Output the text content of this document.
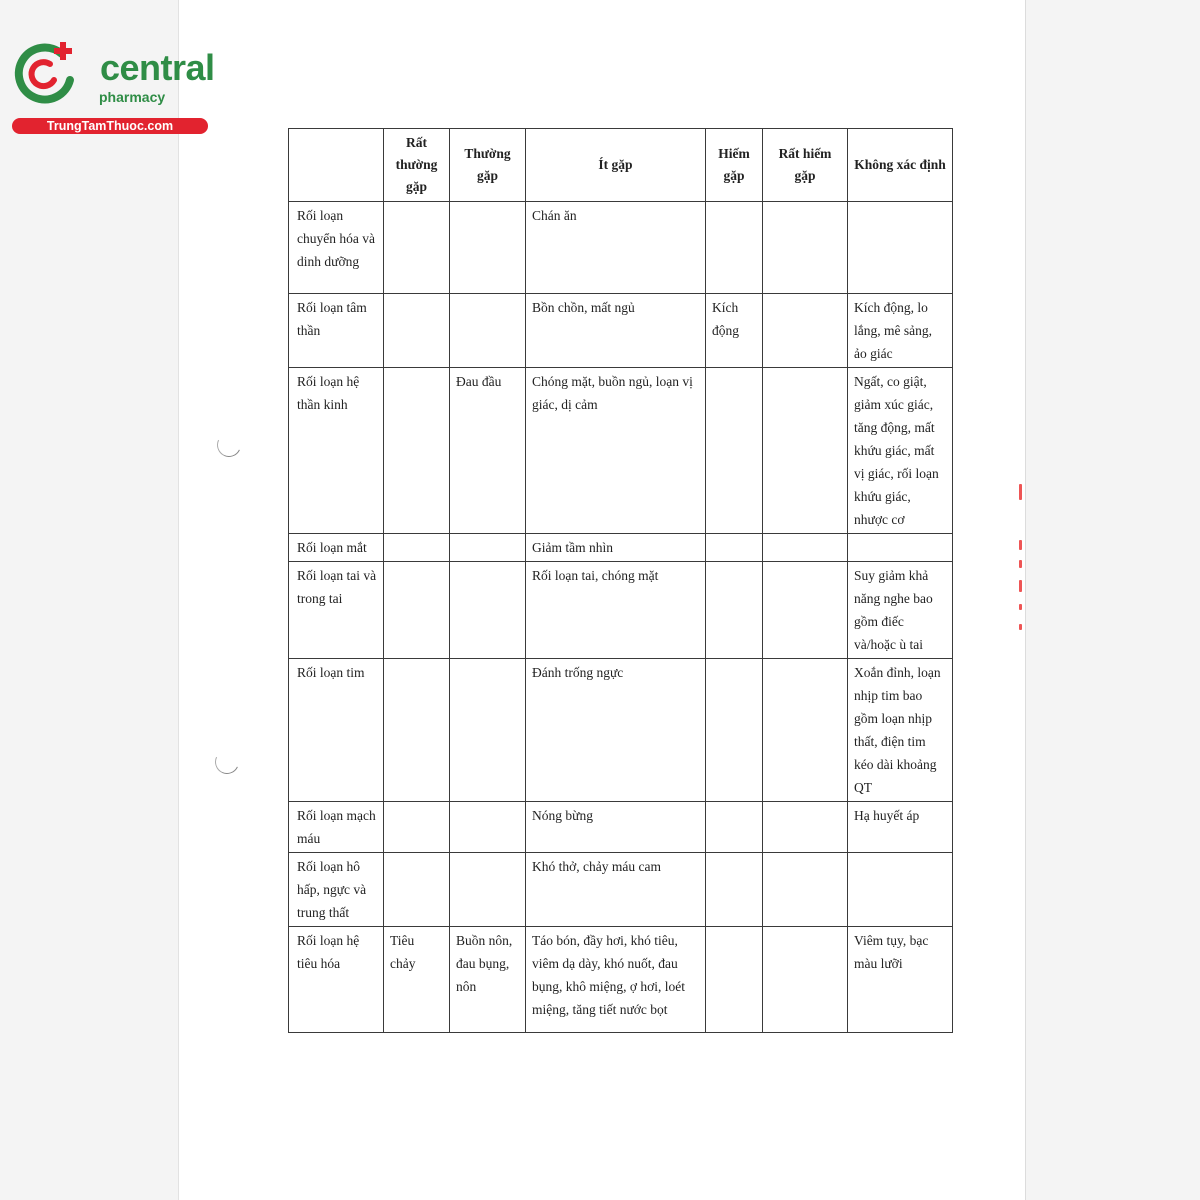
central
pharmacy
TrungTamThuoc.com
	Rất thường gặp	Thường gặp	Ít gặp	Hiếm gặp	Rất hiếm gặp	Không xác định
Rối loạn chuyển hóa và dinh dưỡng			Chán ăn			
Rối loạn tâm thần			Bồn chồn, mất ngủ	Kích động		Kích động, lo lắng, mê sảng, ảo giác
Rối loạn hệ thần kinh		Đau đầu	Chóng mặt, buồn ngủ, loạn vị giác, dị cảm			Ngất, co giật, giảm xúc giác, tăng động, mất khứu giác, mất vị giác, rối loạn khứu giác, nhược cơ
Rối loạn mắt			Giảm tầm nhìn			
Rối loạn tai và trong tai			Rối loạn tai, chóng mặt			Suy giảm khả năng nghe bao gồm điếc và/hoặc ù tai
Rối loạn tim			Đánh trống ngực			Xoắn đỉnh, loạn nhịp tim bao gồm loạn nhịp thất, điện tim kéo dài khoảng QT
Rối loạn mạch máu			Nóng bừng			Hạ huyết áp
Rối loạn hô hấp, ngực và trung thất			Khó thở, chảy máu cam			
Rối loạn hệ tiêu hóa	Tiêu chảy	Buồn nôn, đau bụng, nôn	Táo bón, đầy hơi, khó tiêu, viêm dạ dày, khó nuốt, đau bụng, khô miệng, ợ hơi, loét miệng, tăng tiết nước bọt			Viêm tụy, bạc màu lưỡi
